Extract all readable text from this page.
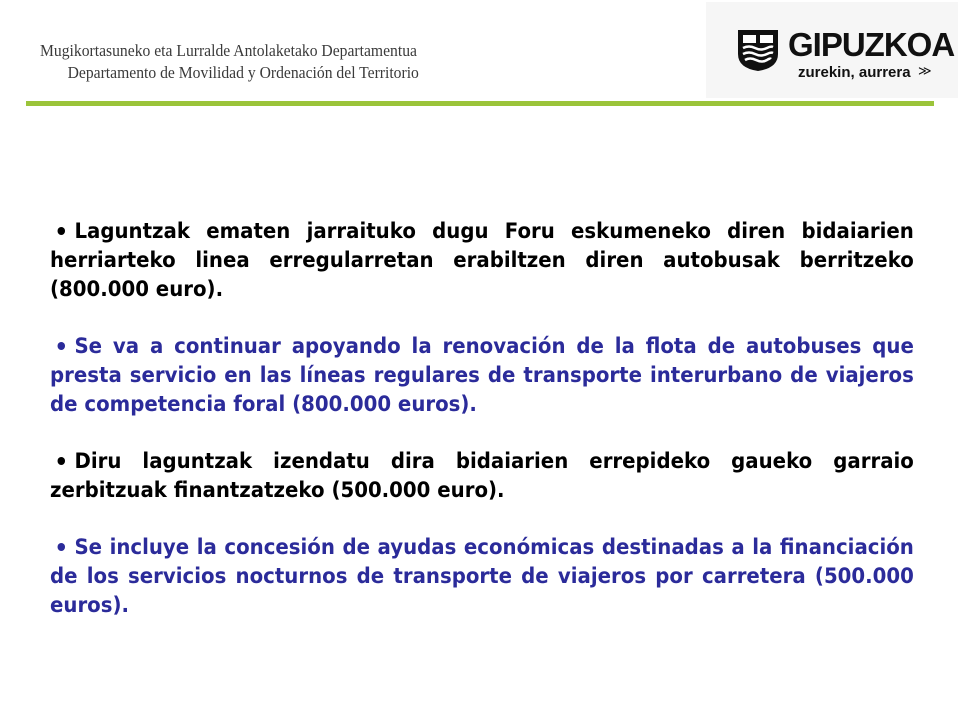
Mugikortasuneko eta Lurralde Antolaketako Departamentua
Departamento de Movilidad y Ordenación del Territorio
GIPUZKOA
zurekin, aurrera ≫

Laguntzak ematen jarraituko dugu Foru eskumeneko diren bidaiarien herriarteko linea erregularretan erabiltzen diren autobusak berritzeko (800.000 euro).

Se va a continuar apoyando la renovación de la flota de autobuses que presta servicio en las líneas regulares de transporte interurbano de viajeros de competencia foral (800.000 euros).

Diru laguntzak izendatu dira bidaiarien errepideko gaueko garraio zerbitzuak finantzatzeko (500.000 euro).

Se incluye la concesión de ayudas económicas destinadas a la financiación de los servicios nocturnos de transporte de viajeros por carretera (500.000 euros).
